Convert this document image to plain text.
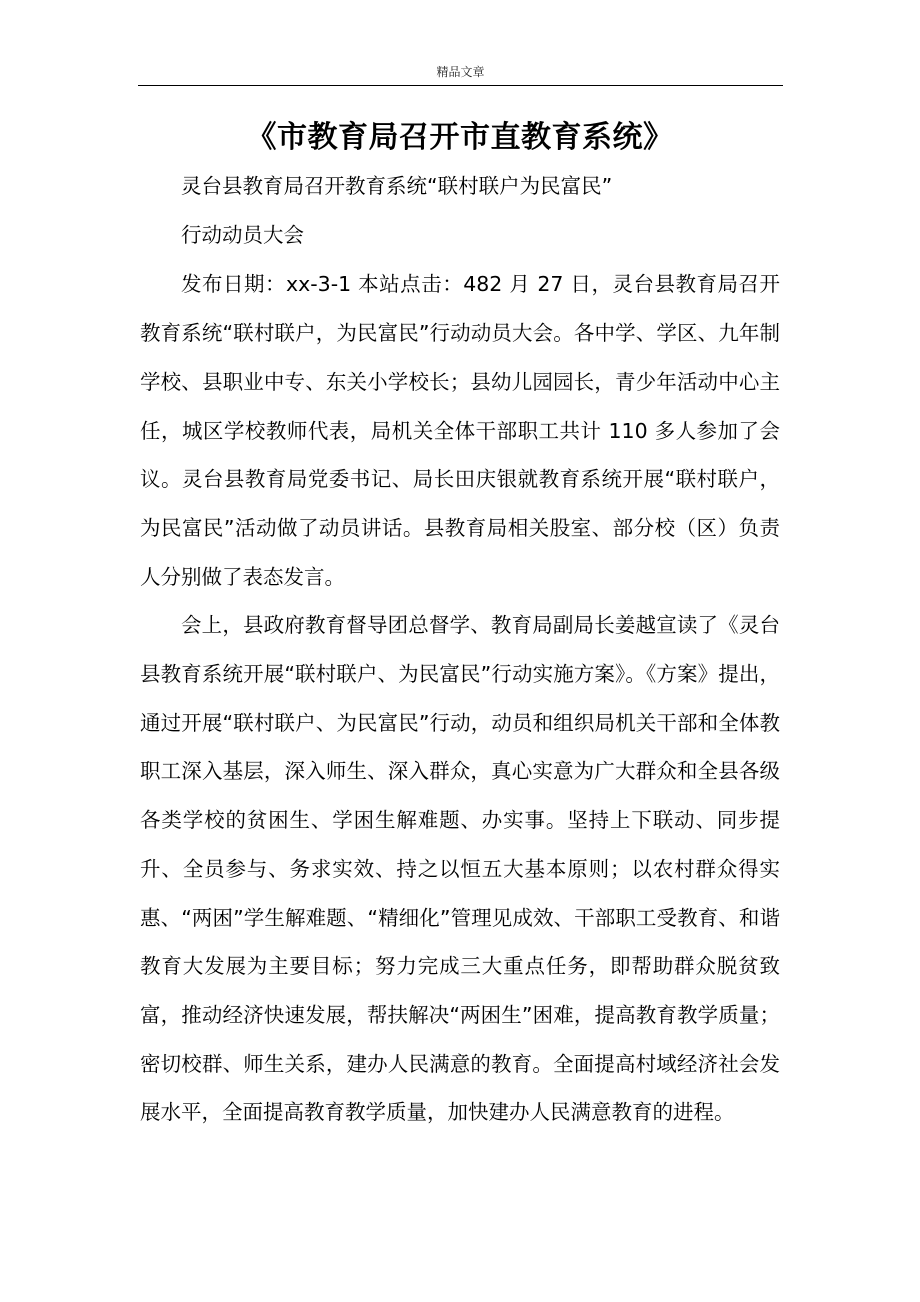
精品文章
《市教育局召开市直教育系统》

灵台县教育局召开教育系统“联村联户为民富民”

行动动员大会

发布日期：xx-3-1 本站点击：482 月 27 日，灵台县教育局召开教育系统“联村联户，为民富民”行动动员大会。各中学、学区、九年制学校、县职业中专、东关小学校长；县幼儿园园长，青少年活动中心主任，城区学校教师代表，局机关全体干部职工共计 110 多人参加了会议。灵台县教育局党委书记、局长田庆银就教育系统开展“联村联户，为民富民”活动做了动员讲话。县教育局相关股室、部分校（区）负责人分别做了表态发言。

会上，县政府教育督导团总督学、教育局副局长姜越宣读了《灵台县教育系统开展“联村联户、为民富民”行动实施方案》。《方案》提出，通过开展“联村联户、为民富民”行动，动员和组织局机关干部和全体教职工深入基层，深入师生、深入群众，真心实意为广大群众和全县各级各类学校的贫困生、学困生解难题、办实事。坚持上下联动、同步提升、全员参与、务求实效、持之以恒五大基本原则；以农村群众得实惠、“两困”学生解难题、“精细化”管理见成效、干部职工受教育、和谐教育大发展为主要目标；努力完成三大重点任务，即帮助群众脱贫致富，推动经济快速发展，帮扶解决“两困生”困难，提高教育教学质量；密切校群、师生关系，建办人民满意的教育。全面提高村域经济社会发展水平，全面提高教育教学质量，加快建办人民满意教育的进程。
